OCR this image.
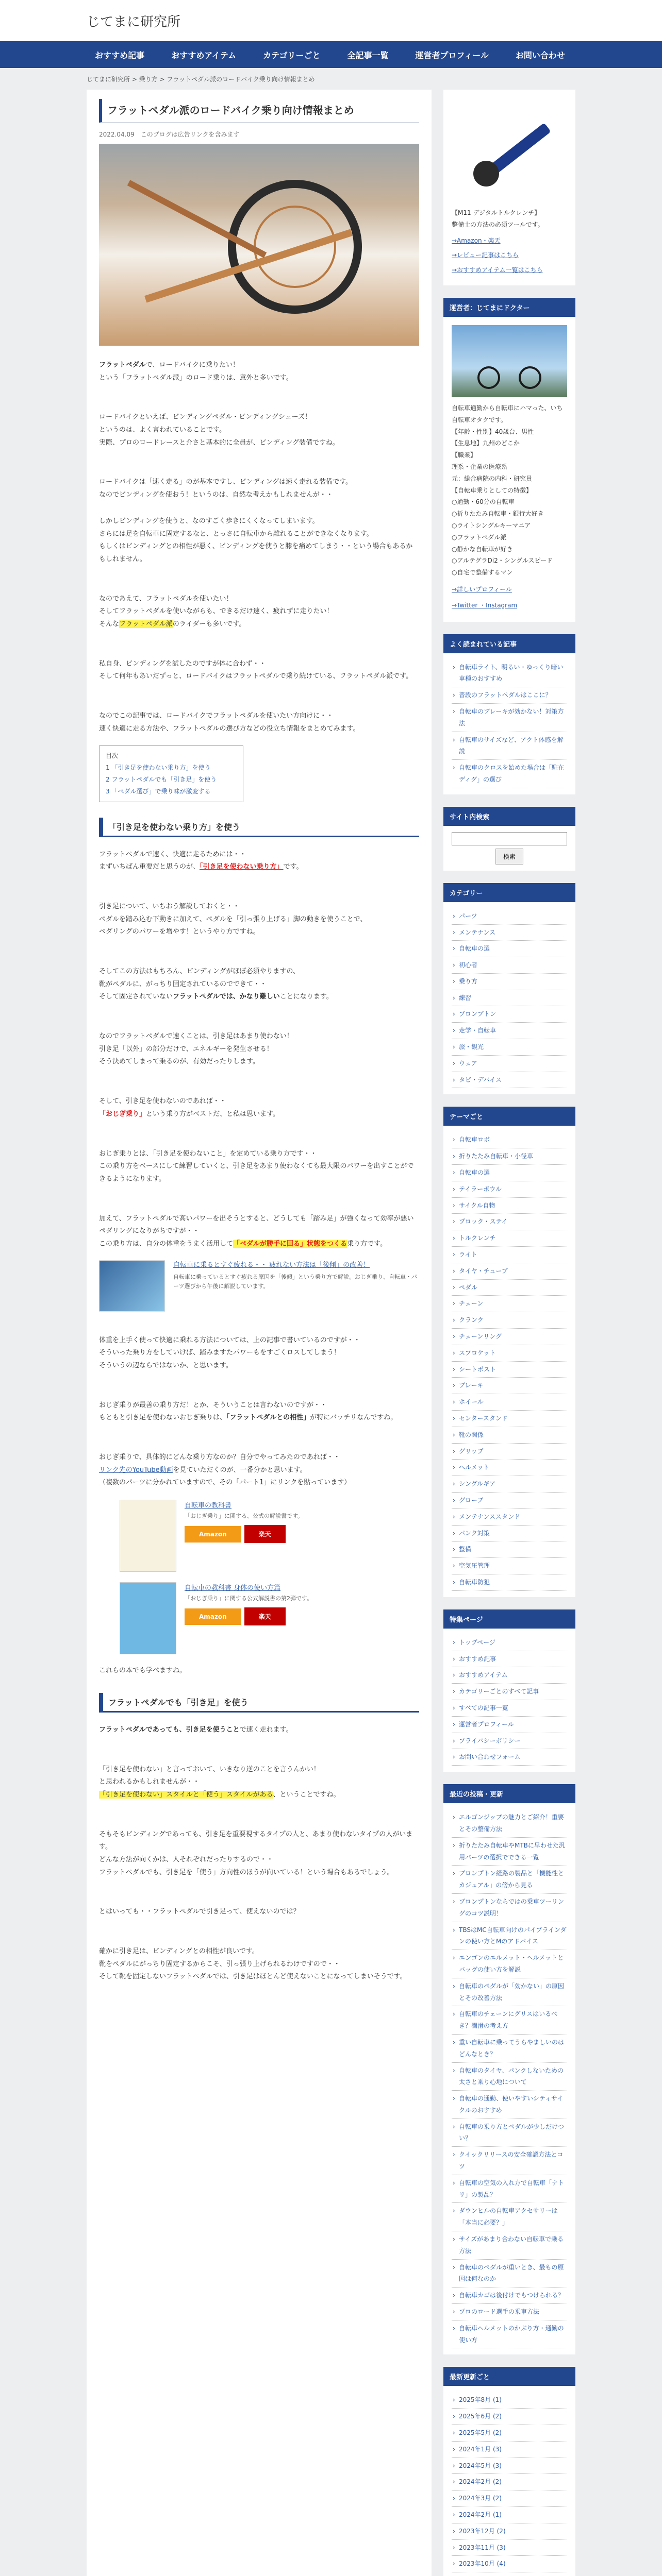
じてまに研究所
おすすめ記事	おすすめアイテム	カテゴリーごと	全記事一覧	運営者プロフィール	お問い合わせ
じてまに研究所 > 乗り方 > フラットペダル派のロードバイク乗り向け情報まとめ
フラットペダル派のロードバイク乗り向け情報まとめ
2022.04.09　このブログは広告リンクを含みます

フラットペダルで、ロードバイクに乗りたい！

という「フラットペダル派」のロード乗りは、意外と多いです。

ロードバイクといえば、ビンディングペダル・ビンディングシューズ！

というのは、よく言われていることです。

実際、プロのロードレースと介さと基本的に全員が、ビンディング装備ですね。

ロードバイクは「速く走る」のが基本ですし、ビンディングは速く走れる装備です。

なのでビンディングを使おう！というのは、自然な考えかもしれませんが・・

しかしビンディングを使うと、なのすごく歩きにくくなってしまいます。

さらには足を自転車に固定するなと、とっさに自転車から離れることができなくなります。

もしくはビンディングとの相性が悪く、ビンディングを使うと膝を痛めてしまう・・という場合もあるかもしれません。

なのであえて、フラットペダルを使いたい！

そしてフラットペダルを使いながらも、できるだけ速く、疲れずに走りたい！

そんなフラットペダル派のライダーも多いです。

私自身、ビンディングを試したのですが体に合わず・・

そして何年もあいだずっと、ロードバイクはフラットペダルで乗り続けている、フラットペダル派です。

なのでこの記事では、ロードバイクでフラットペダルを使いたい方向けに・・

速く快適に走る方法や、フラットペダルの選び方などの役立ち情報をまとめてみます。

目次
1 「引き足を使わない乗り方」を使う
2 フラットペダルでも「引き足」を使う
3 「ペダル選び」で乗り味が激変する
「引き足を使わない乗り方」を使う

フラットペダルで速く、快適に走るためには・・

まずいちばん重要だと思うのが、「引き足を使わない乗り方」です。

引き足について、いちおう解説しておくと・・

ペダルを踏み込む下動きに加えて、ペダルを「引っ張り上げる」脚の動きを使うことで、

ペダリングのパワーを増やす！というやり方ですね。

そしてこの方法はもちろん、ビンディングがほぼ必須やりますの、

靴がペダルに、がっちり固定されているのでできて・・

そして固定されていないフラットペダルでは、かなり難しいことになります。

なのでフラットペダルで速くことは、引き足はあまり使わない！

引き足「以外」の部分だけで、エネルギーを発生させる！

そう決めてしまって乗るのが、有効だったりします。

そして、引き足を使わないのであれば・・

「おじぎ乗り」という乗り方がベストだ、と私は思います。

おじぎ乗りとは、「引き足を使わないこと」を定めている乗り方です・・

この乗り方をベースにして練習していくと、引き足をあまり使わなくても最大限のパワーを出すことができるようになります。

加えて、フラットペダルで高いパワーを出そうとすると、どうしても「踏み足」が強くなって効率が悪いペダリングになりがちですが・・

この乗り方は、自分の体重をうまく活用して「ペダルが勝手に回る」状態をつくる乗り方です。

自転車に乗るとすぐ疲れる・・ 疲れない方法は「後傾」の改善！
自転車に乗っているとすぐ疲れる原因を「後傾」という乗り方で解説。おじぎ乗り、自転車・パーツ選びから午後に解説しています。

体重を上手く使って快適に乗れる方法については、上の記事で書いているのですが・・

そういった乗り方をしていけば、踏みますたパワーもをすごくロスしてしまう！

そういうの辺ならではないか、と思います。

おじぎ乗りが最善の乗り方だ！とか、そういうことは言わないのですが・・

もともと引き足を使わないおじぎ乗りは、「フラットペダルとの相性」が特にバッチリなんですね。

おじぎ乗りで、具体的にどんな乗り方なのか？自分でやってみたのであれば・・

リンク先のYouTube動画を見ていただくのが、一番分かと思います。

（複数のパーツに分かれていますので、その「パート1」にリンクを貼っています）

自転車の教科書
「おじぎ乗り」に関する、公式の解説書です。
Amazon	楽天
自転車の教科書 身体の使い方篇
「おじぎ乗り」に関する公式解説書の第2弾です。
Amazon	楽天
これらの本でも学べますね。
フラットペダルでも「引き足」を使う

フラットペダルであっても、引き足を使うことで速く走れます。

「引き足を使わない」と言っておいて、いきなり逆のことを言うんかい！

と思われるかもしれませんが・・

「引き足を使わない」スタイルと「使う」スタイルがある、ということですね。

そもそもビンディングであっても、引き足を重要視するタイプの人と、あまり使わないタイプの人がいます。

どんな方法が向くかは、人それぞれだったりするので・・

フラットペダルでも、引き足を「使う」方向性のほうが向いている！という場合もあるでしょう。

とはいっても・・フラットペダルで引き足って、使えないのでは？

確かに引き足は、ビンディングとの相性が良いです。

靴をペダルにがっちり固定するからこそ、引っ張り上げられるわけですので・・

そして靴を固定しないフラットペダルでは、引き足はほとんど使えないことになってしまいそうです。

【M11 デジタルトルクレンチ】
整備士の方法の必須ツールです。
→Amazon・楽天
→レビュー記事はこちら
→おすすめアイテム一覧はこちら
運営者：じてまにドクター
自転車通勤から自転車にハマった、いち自転車オタクです。
【年齢・性別】40歳台、男性
【生息地】九州のどこか
【職業】
理系・企業の医療系
元：総合病院の内科・研究員
【自転車乗りとしての特徴】
○通勤・60分の自転車
○折りたたみ自転車・銀行大好き
○ライトシングルキーマニア
○フラットペダル派
○静かな自転車が好き
○アルテグラDi2・シングルスピード
○自宅で整備するマン
→詳しいプロフィール
→Twitter ・Instagram
よく読まれている記事
› 自転車ライト、明るい・ゆっくり暗い車種のおすすめ
› 普段のフラットペダルはここに？
› 自転車のブレーキが効かない！対策方法
› 自転車のサイズなど、アクト体感を解説
› 自転車のクロスを始めた場合は「駐在ディグ」の選び
サイト内検索
検索
カテゴリー
› パーツ
› メンテナンス
› 自転車の選
› 初心者
› 乗り方
› 練習
› ブロンプトン
› 走学・自転車
› 旅・観光
› ウェア
› タビ・デバイス
テーマごと
› 自転車ロボ
› 折りたたみ自転車・小径車
› 自転車の選
› テイラーボウル
› サイクル自物
› プロック・ステイ
› トルクレンチ
› ライト
› タイヤ・チューブ
› ペダル
› チェーン
› クランク
› チェーンリング
› スプロケット
› シートポスト
› ブレーキ
› ホイール
› センタースタンド
› 靴の関係
› グリップ
› ヘルメット
› シングルギア
› グローブ
› メンテナンススタンド
› パンク対策
› 整備
› 空気圧管理
› 自転車防犯
特集ページ
› トップページ
› おすすめ記事
› おすすめアイテム
› カテゴリーごとのすべて記事
› すべての記事一覧
› 運営者プロフィール
› プライバシーポリシー
› お問い合わせフォーム
最近の投稿・更新
› エルゴンジップの魅力とご紹介！重要とその整備方法
› 折りたたみ自転車やMTBに早わせた汎用パーツの選択でできる一覧
› ブロンプトン経路の製品と「機能性とカジュアル」の傍から見る
› ブロンプトンならではの乗車ツーリングのコツ説明！
› TBSはMC自転車向けのパイプラインダンの使い方とMのアドバイス
› エンゴンのエルメット・ヘルメットとバッグの使い方を解説
› 自転車のペダルが「効かない」の原因とその改善方法
› 自転車のチェーンにグリスはいるべき？潤滑の考え方
› 重い自転車に乗ってうらやましいのはどんなとき？
› 自転車のタイヤ、パンクしないための太さと乗り心地について
› 自転車の通勤、使いやすいシティサイクルのおすすめ
› 自転車の乗り方とペダルが少しだけつい？
› クイックリリースの安全確認方法とコツ
› 自転車の空気の入れ方で自転車「ナトリ」の製品？
› ダウンヒルの自転車アクセサリーは「本当に必要？」
› サイズがあまり合わない自転車で乗る方法
› 自転車のペダルが重いとき、最もの原因は何なのか
› 自転車カゴは後付けでもつけられる？
› プロのロード選手の乗車方法
› 自転車ヘルメットのかぶり方・通勤の使い方
最新更新ごと
› 2025年8月 (1)
› 2025年6月 (2)
› 2025年5月 (2)
› 2024年1月 (3)
› 2024年5月 (3)
› 2024年2月 (2)
› 2024年3月 (2)
› 2024年2月 (1)
› 2023年12月 (2)
› 2023年11月 (3)
› 2023年10月 (4)
›
